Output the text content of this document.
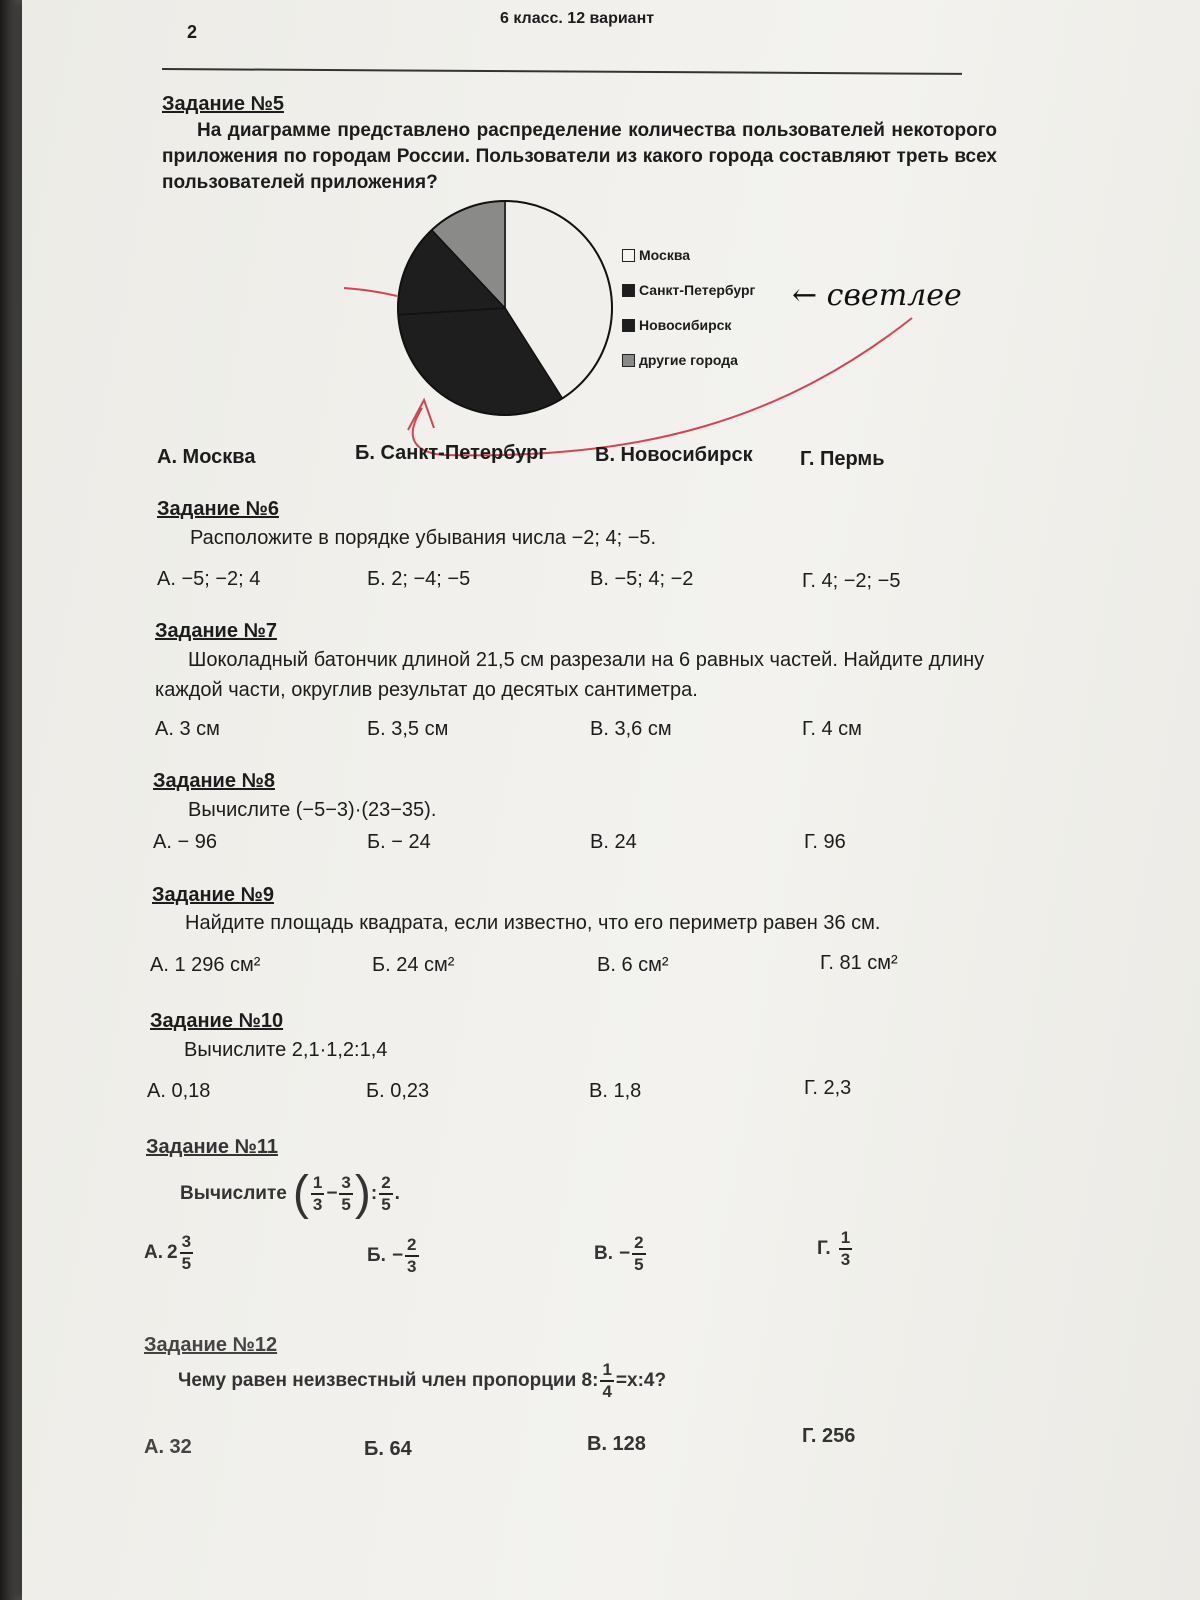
2
6 класс. 12 вариант
Задание №5
На диаграмме представлено распределение количества пользователей некоторого приложения по городам России. Пользователи из какого города составляют треть всех пользователей приложения?
Москва
Санкт-Петербург
Новосибирск
другие города
← светлее
А. Москва	Б. Санкт-Петербург В. Новосибирск Г. Пермь
Задание №6
Расположите в порядке убывания числа −2; 4; −5.
А. −5; −2; 4	Б. 2; −4; −5	В. −5; 4; −2	Г. 4; −2; −5
Задание №7
Шоколадный батончик длиной 21,5 см разрезали на 6 равных частей. Найдите длину каждой части, округлив результат до десятых сантиметра.
А. 3 см	Б. 3,5 см	В. 3,6 см	Г. 4 см
Задание №8
Вычислите (−5−3)·(23−35).
А. − 96	Б. − 24	В. 24	Г. 96
Задание №9
Найдите площадь квадрата, если известно, что его периметр равен 36 см.
А. 1 296 см²	Б. 24 см²	В. 6 см²	Г. 81 см²
Задание №10
Вычислите 2,1·1,2:1,4
А. 0,18	Б. 0,23	В. 1,8	Г. 2,3
Задание №11
Вычислите ( $\frac{1}{3} - \frac{3}{5}$ ) : $\frac{2}{5}$ .
А. $2 \frac{3}{5}$	Б. − $\frac{2}{3}$	В. − $\frac{2}{5}$	Г. $\frac{1}{3}$
Задание №12
Чему равен неизвестный член пропорции 8: $\frac{1}{4}$ =x:4?
А. 32	Б. 64	В. 128	Г. 256
